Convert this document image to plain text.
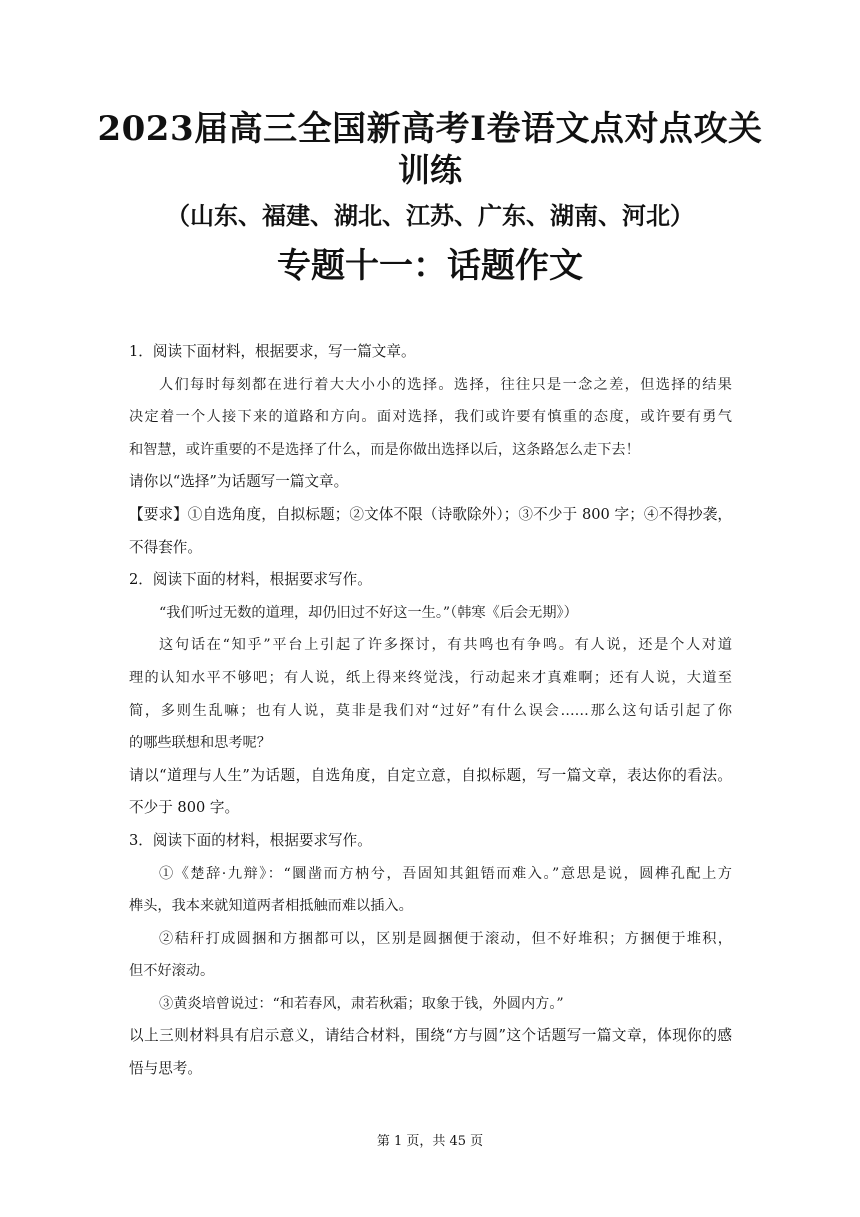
2023届高三全国新高考Ⅰ卷语文点对点攻关
训练
（山东、福建、湖北、江苏、广东、湖南、河北）
专题十一：话题作文
1．阅读下面材料，根据要求，写一篇文章。
人们每时每刻都在进行着大大小小的选择。选择，往往只是一念之差，但选择的结果
决定着一个人接下来的道路和方向。面对选择，我们或许要有慎重的态度，或许要有勇气
和智慧，或许重要的不是选择了什么，而是你做出选择以后，这条路怎么走下去！
请你以“选择”为话题写一篇文章。
【要求】①自选角度，自拟标题；②文体不限（诗歌除外）；③不少于 800 字；④不得抄袭，
不得套作。
2．阅读下面的材料，根据要求写作。
“我们听过无数的道理，却仍旧过不好这一生。”（韩寒《后会无期》）
这句话在“知乎”平台上引起了许多探讨，有共鸣也有争鸣。有人说，还是个人对道
理的认知水平不够吧；有人说，纸上得来终觉浅，行动起来才真难啊；还有人说，大道至
简，多则生乱嘛；也有人说，莫非是我们对“过好”有什么误会……那么这句话引起了你
的哪些联想和思考呢？
请以“道理与人生”为话题，自选角度，自定立意，自拟标题，写一篇文章，表达你的看法。
不少于 800 字。
3．阅读下面的材料，根据要求写作。
①《楚辞·九辩》：“圜凿而方枘兮，吾固知其鉏铻而难入。”意思是说，圆榫孔配上方
榫头，我本来就知道两者相抵触而难以插入。
②秸秆打成圆捆和方捆都可以，区别是圆捆便于滚动，但不好堆积；方捆便于堆积，
但不好滚动。
③黄炎培曾说过：“和若春风，肃若秋霜；取象于钱，外圆内方。”
以上三则材料具有启示意义，请结合材料，围绕“方与圆”这个话题写一篇文章，体现你的感
悟与思考。
第 1 页，共 45 页
